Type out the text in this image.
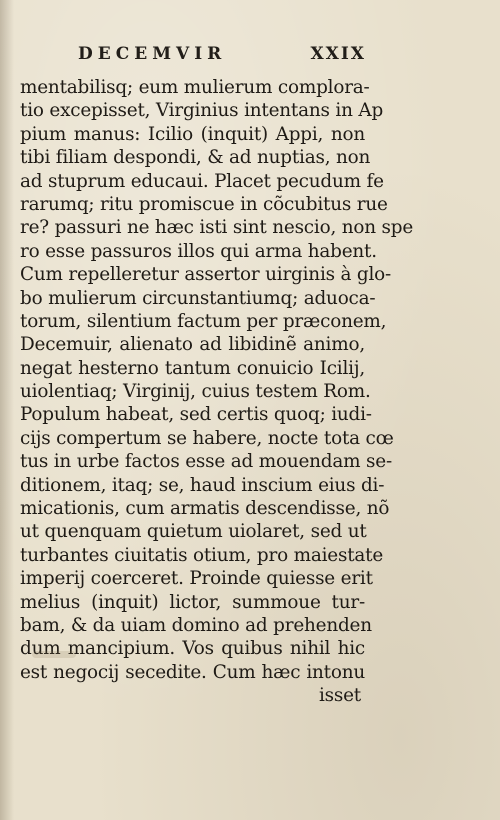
DECEMVIR	XXIX
mentabilisq; eum mulierum complora-
tio excepisset, Virginius intentans in Ap
pium manus: Icilio (inquit) Appi, non
tibi filiam despondi, & ad nuptias, non
ad stuprum educaui. Placet pecudum fe
rarumq; ritu promiscue in cõcubitus rue
re? passuri ne hæc isti sint nescio, non spe
ro esse passuros illos qui arma habent.
Cum repelleretur assertor uirginis à glo-
bo mulierum circunstantiumq; aduoca-
torum, silentium factum per præconem,
Decemuir, alienato ad libidinẽ animo,
negat hesterno tantum conuicio Icilij,
uiolentiaq; Virginij, cuius testem Rom.
Populum habeat, sed certis quoq; iudi-
cijs compertum se habere, nocte tota cœ
tus in urbe factos esse ad mouendam se-
ditionem, itaq; se, haud inscium eius di-
micationis, cum armatis descendisse, nõ
ut quenquam quietum uiolaret, sed ut
turbantes ciuitatis otium, pro maiestate
imperij coerceret. Proinde quiesse erit
melius (inquit) lictor, summoue tur-
bam, & da uiam domino ad prehenden
dum mancipium. Vos quibus nihil hic
est negocij secedite. Cum hæc intonu
isset
